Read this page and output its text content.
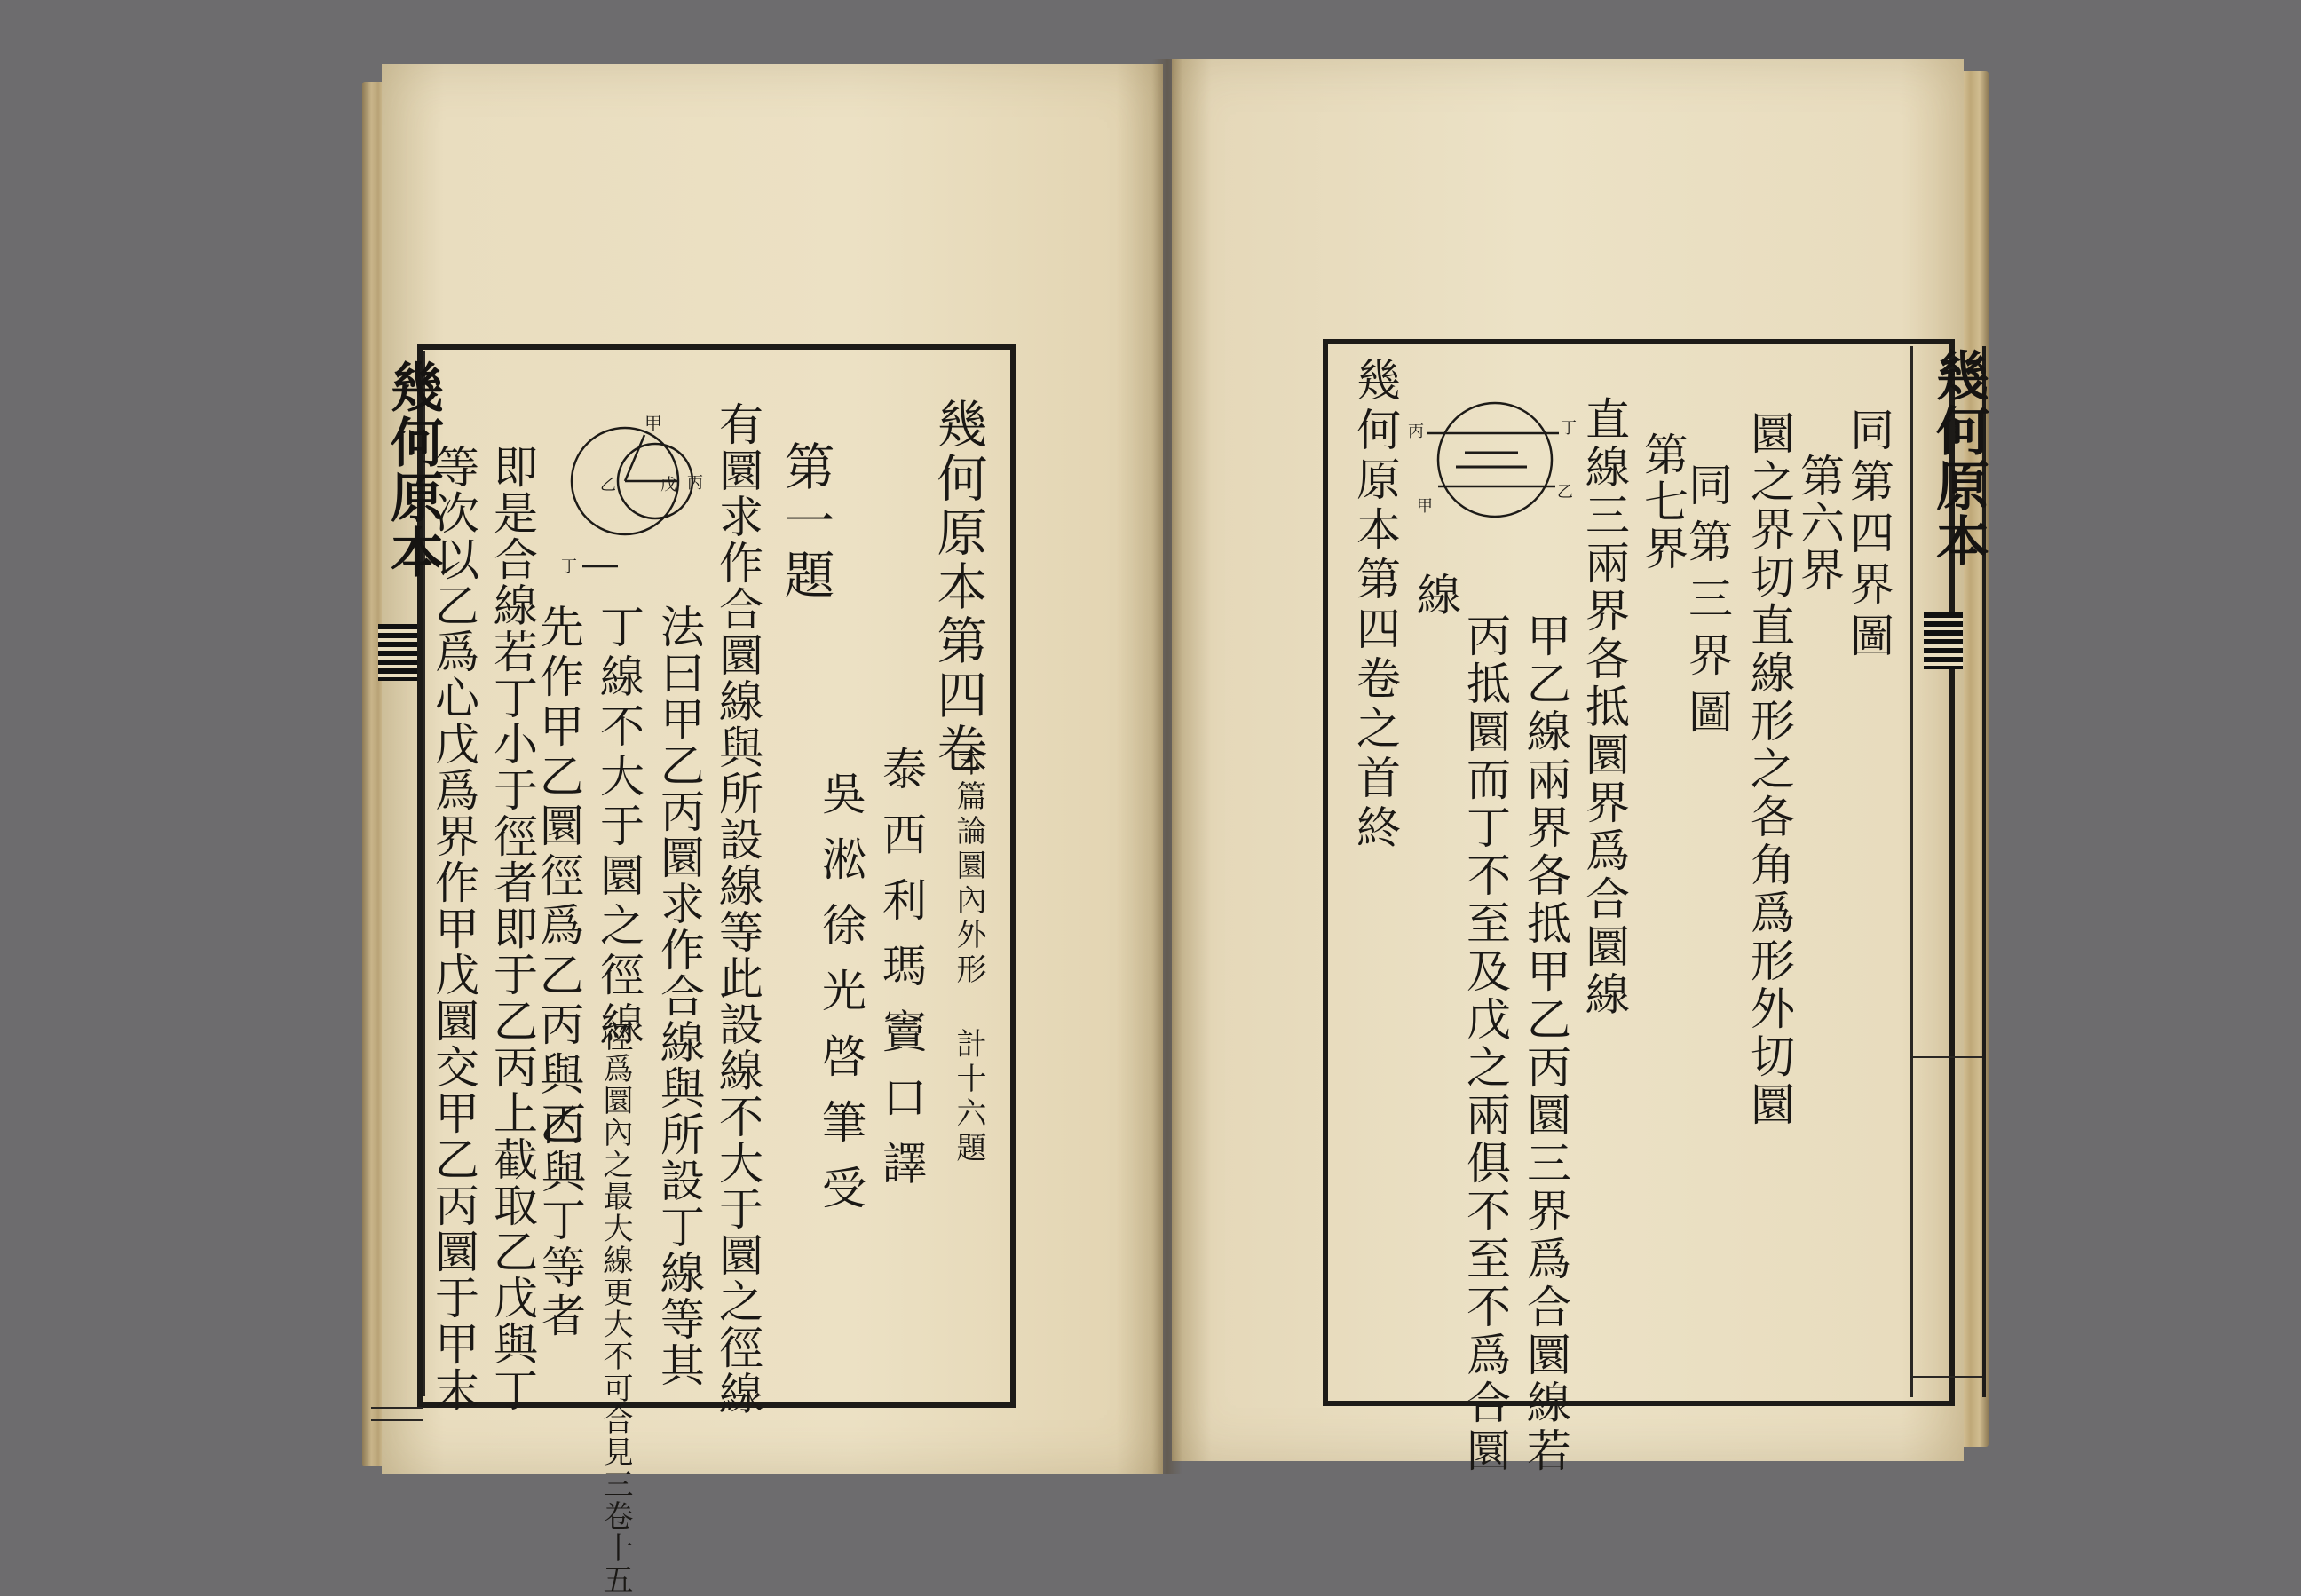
幾何原本	甲
乙	丙
戊
丁	幾何原本第四卷
本篇論圜內外形 計十六題
泰西利瑪竇口譯
吳淞徐光啓筆受
第一題
有圜求作合圜線與所設線等此設線不大于圜之徑線
法曰甲乙丙圜求作合線與所設丁線等其
丁線不大于圜之徑線
先作甲乙圜徑爲乙丙與乙
等次以乙爲心戊爲界作甲戊圜交甲乙丙圜于甲末 即是合線若丁小于徑者即于乙丙上截取乙戊與丁 徑爲圜內之最大線更大不可合見三卷十五
丙與丁等者
幾何原本
丁
乙
丙
甲	同第四界圖
第六界
圜之界切直線形之各角爲形外切圜
同第三界圖
第七界
直線三兩界各抵圜界爲合圜線
甲乙線兩界各抵甲乙丙圜三界爲合圜線若
丙抵圜而丁不至及戊之兩俱不至不爲合圜
線
幾何原本第四卷之首終
